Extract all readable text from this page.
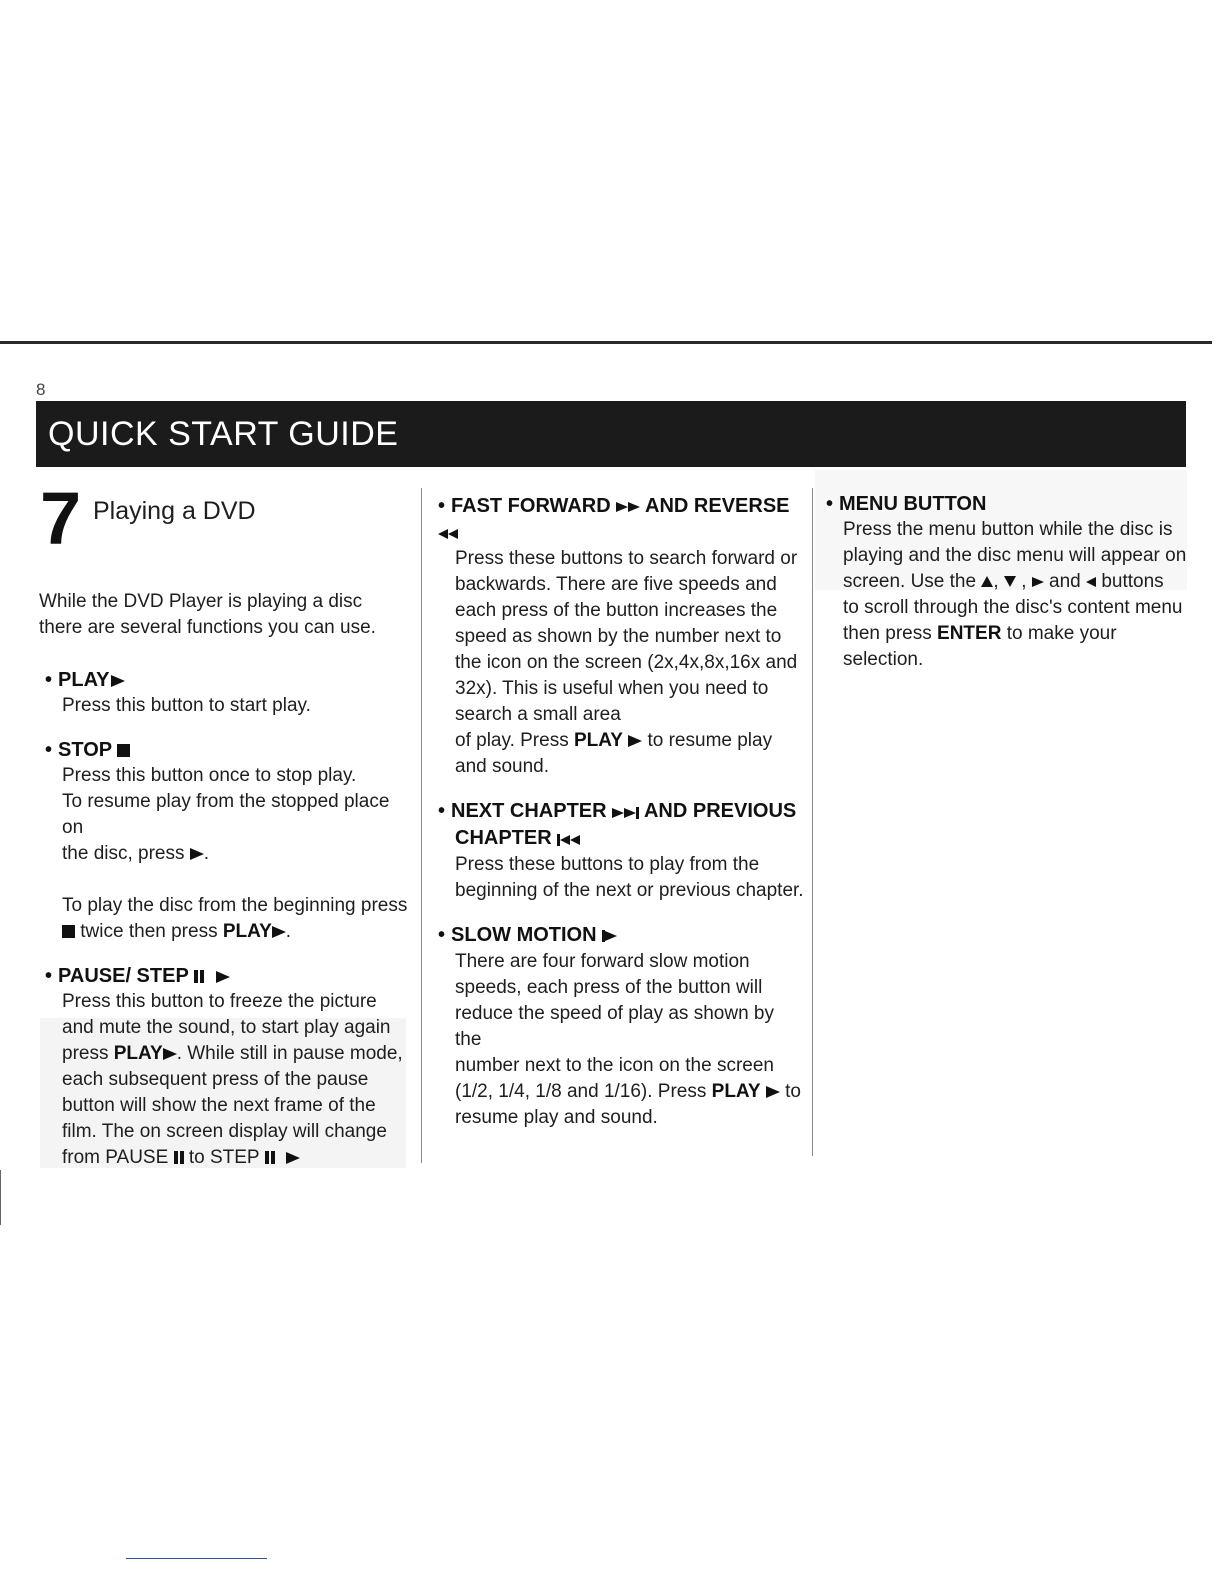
8
QUICK START GUIDE
7 Playing a DVD

While the DVD Player is playing a disc there are several functions you can use.

• PLAY

Press this button to start play.

• STOP

Press this button once to stop play.

To resume play from the stopped place on

the disc, press .

To play the disc from the beginning press

twice then press PLAY .

• PAUSE/ STEP

Press this button to freeze the picture

and mute the sound, to start play again

press PLAY . While still in pause mode,

each subsequent press of the pause

button will show the next frame of the

film. The on screen display will change

from PAUSE to STEP

• FAST FORWARD AND REVERSE

Press these buttons to search forward or

backwards. There are five speeds and

each press of the button increases the

speed as shown by the number next to

the icon on the screen (2x,4x,8x,16x and

32x). This is useful when you need to

search a small area

of play. Press PLAY to resume play

and sound.

• NEXT CHAPTER AND PREVIOUS
CHAPTER

Press these buttons to play from the

beginning of the next or previous chapter.

• SLOW MOTION

There are four forward slow motion

speeds, each press of the button will

reduce the speed of play as shown by the

number next to the icon on the screen

(1/2, 1/4, 1/8 and 1/16). Press PLAY to

resume play and sound.

• MENU BUTTON

Press the menu button while the disc is

playing and the disc menu will appear on

screen. Use the , , and buttons

to scroll through the disc's content menu

then press ENTER to make your selection.
